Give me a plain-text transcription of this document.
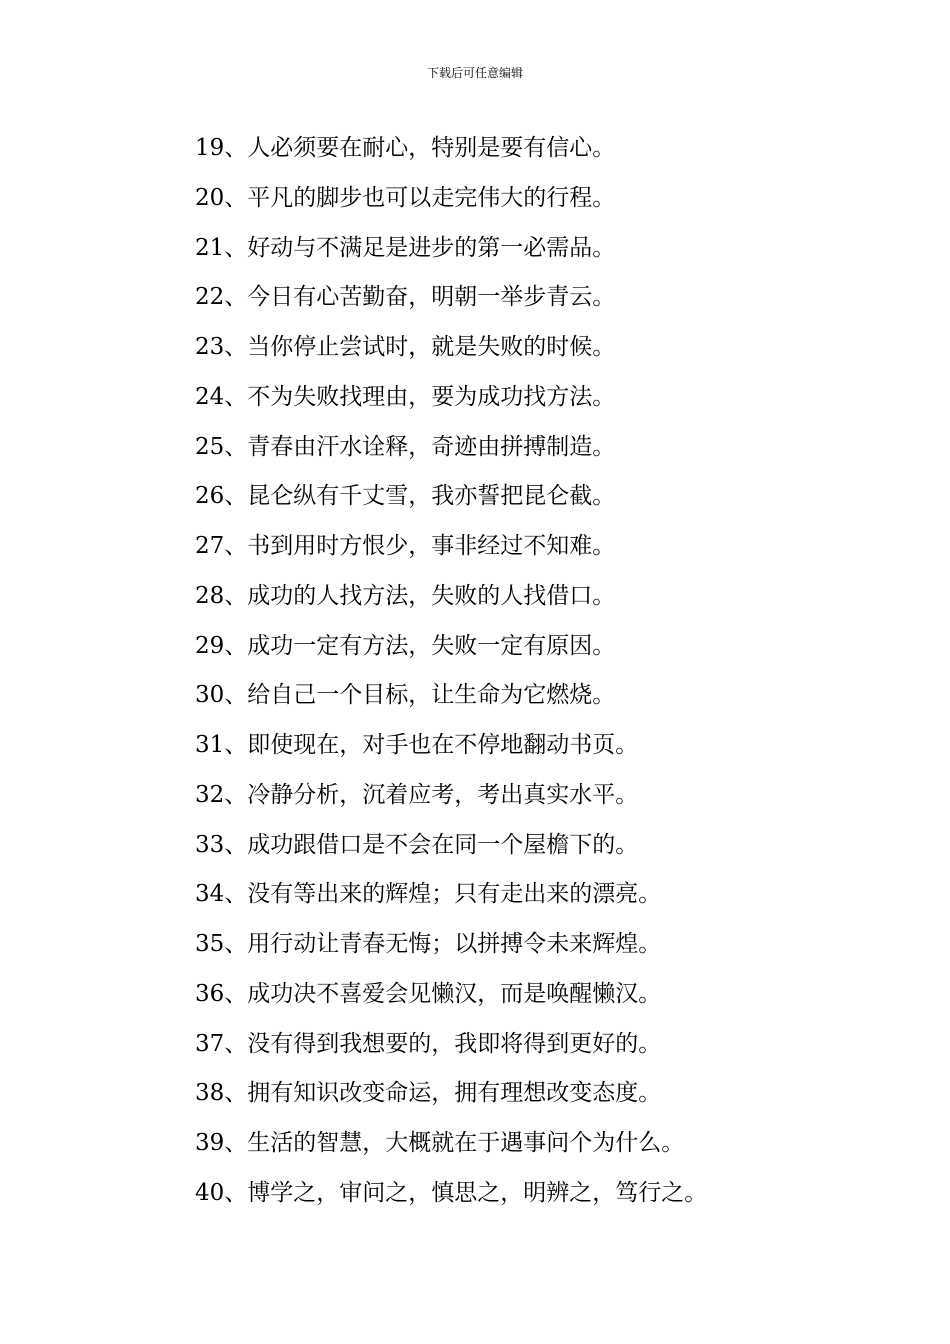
下载后可任意编辑
19、人必须要在耐心，特别是要有信心。
20、平凡的脚步也可以走完伟大的行程。
21、好动与不满足是进步的第一必需品。
22、今日有心苦勤奋，明朝一举步青云。
23、当你停止尝试时，就是失败的时候。
24、不为失败找理由，要为成功找方法。
25、青春由汗水诠释，奇迹由拼搏制造。
26、昆仑纵有千丈雪，我亦誓把昆仑截。
27、书到用时方恨少，事非经过不知难。
28、成功的人找方法，失败的人找借口。
29、成功一定有方法，失败一定有原因。
30、给自己一个目标，让生命为它燃烧。
31、即使现在，对手也在不停地翻动书页。
32、冷静分析，沉着应考，考出真实水平。
33、成功跟借口是不会在同一个屋檐下的。
34、没有等出来的辉煌；只有走出来的漂亮。
35、用行动让青春无悔；以拼搏令未来辉煌。
36、成功决不喜爱会见懒汉，而是唤醒懒汉。
37、没有得到我想要的，我即将得到更好的。
38、拥有知识改变命运，拥有理想改变态度。
39、生活的智慧，大概就在于遇事问个为什么。
40、博学之，审问之，慎思之，明辨之，笃行之。
